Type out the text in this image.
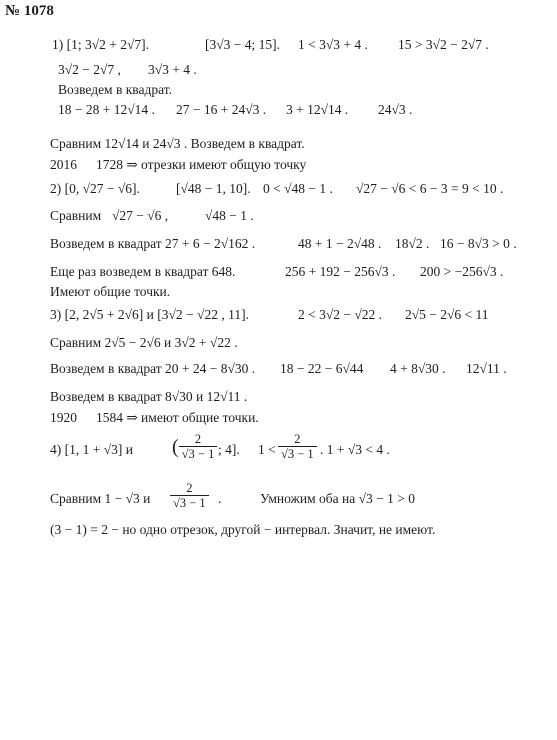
№ 1078
1) [1; 3√2 + 2√7].	[3√3 − 4; 15]. 1 < 3√3 + 4 . 15 > 3√2 − 2√7 .
3√2 − 2√7 , 3√3 + 4 .
Возведем в квадрат.
18 − 28 + 12√14 . 27 − 16 + 24√3 . 3 + 12√14 . 24√3 .
Сравним 12√14 и 24√3 . Возведем в квадрат.
2016 1728 ⇒ отрезки имеют общую точку
2) [0, √27 − √6].	[√48 − 1, 10]. 0 < √48 − 1 . √27 − √6 < 6 − 3 = 9 < 10 .
Сравним √27 − √6 ,	√48 − 1 .
Возведем в квадрат 27 + 6 − 2√162 .	48 + 1 − 2√48 . 18√2 . 16 − 8√3 > 0 .
Еще раз возведем в квадрат 648.	256 + 192 − 256√3 . 200 > −256√3 .
Имеют общие точки.
3) [2, 2√5 + 2√6] и [3√2 − √22 , 11].	2 < 3√2 − √22 . 2√5 − 2√6 < 11
Сравним 2√5 − 2√6 и 3√2 + √22 .
Возведем в квадрат 20 + 24 − 8√30 . 18 − 22 − 6√44 4 + 8√30 . 12√11 .
Возведем в квадрат 8√30 и 12√11 .
1920 1584 ⇒ имеют общие точки.
4) [1, 1 + √3] и	; 4]. 1 <	. 1 + √3 < 4 .
Сравним 1 − √3 и	.	Умножим оба на √3 − 1 > 0
(3 − 1) = 2 − но одно отрезок, другой − интервал. Значит, не имеют.
( $\frac{2}{√3 - 1}$	$\frac{2}{√3 - 1}$
$\frac{2}{√3 - 1}$
